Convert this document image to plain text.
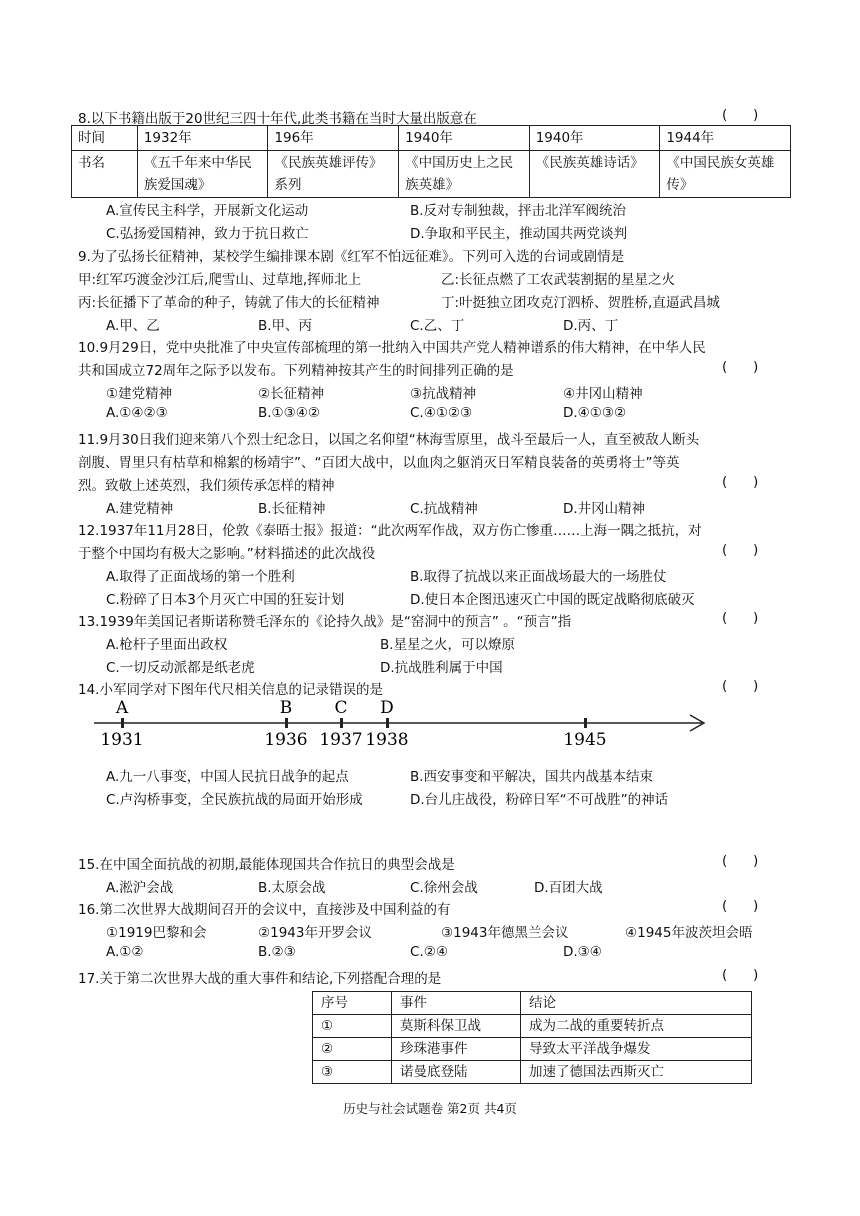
8.以下书籍出版于20世纪三四十年代,此类书籍在当时大量出版意在	(      )
时间	1932年	196年	1940年	1940年	1944年
书名	《五千年来中华民族爱国魂》	《民族英雄评传》系列	《中国历史上之民族英雄》	《民族英雄诗话》	《中国民族女英雄传》
A.宣传民主科学，开展新文化运动	B.反对专制独裁，抨击北洋军阀统治
C.弘扬爱国精神，致力于抗日救亡	D.争取和平民主，推动国共两党谈判
9.为了弘扬长征精神，某校学生编排课本剧《红军不怕远征难》。下列可入选的台词或剧情是
甲:红军巧渡金沙江后,爬雪山、过草地,挥师北上	乙:长征点燃了工农武装割据的星星之火
丙:长征播下了革命的种子，铸就了伟大的长征精神	丁:叶挺独立团攻克汀泗桥、贺胜桥,直逼武昌城
A.甲、乙	B.甲、丙	C.乙、丁	D.丙、丁
10.9月29日，党中央批准了中央宣传部梳理的第一批纳入中国共产党人精神谱系的伟大精神，在中华人民
共和国成立72周年之际予以发布。下列精神按其产生的时间排列正确的是	(      )
①建党精神	②长征精神	③抗战精神	④井冈山精神
A.①④②③	B.①③④②	C.④①②③	D.④①③②
11.9月30日我们迎来第八个烈士纪念日，以国之名仰望“林海雪原里，战斗至最后一人，直至被敌人断头
剖腹、胃里只有枯草和棉絮的杨靖宇”、“百团大战中，以血肉之躯消灭日军精良装备的英勇将士”等英
烈。致敬上述英烈，我们须传承怎样的精神	(      )
A.建党精神	B.长征精神	C.抗战精神	D.井冈山精神
12.1937年11月28日，伦敦《泰晤士报》报道：“此次两军作战，双方伤亡惨重……上海一隅之抵抗，对
于整个中国均有极大之影响。”材料描述的此次战役	(      )
A.取得了正面战场的第一个胜利	B.取得了抗战以来正面战场最大的一场胜仗
C.粉碎了日本3个月灭亡中国的狂妄计划	D.使日本企图迅速灭亡中国的既定战略彻底破灭
13.1939年美国记者斯诺称赞毛泽东的《论持久战》是“窑洞中的预言” 。“预言”指	(      )
A.枪杆子里面出政权	B.星星之火，可以燎原
C.一切反动派都是纸老虎	D.抗战胜利属于中国
14.小军同学对下图年代尺相关信息的记录错误的是	(      )
A
1931
B
1936
C
1937
D
1938	1945
A.九一八事变，中国人民抗日战争的起点	B.西安事变和平解决，国共内战基本结束
C.卢沟桥事变，全民族抗战的局面开始形成	D.台儿庄战役，粉碎日军“不可战胜”的神话
15.在中国全面抗战的初期,最能体现国共合作抗日的典型会战是	(      )
A.淞沪会战	B.太原会战	C.徐州会战	D.百团大战
16.第二次世界大战期间召开的会议中，直接涉及中国利益的有	(      )
①1919巴黎和会	②1943年开罗会议	③1943年德黑兰会议	④1945年波茨坦会晤
A.①②	B.②③	C.②④	D.③④
17.关于第二次世界大战的重大事件和结论,下列搭配合理的是	(      )
序号	事件	结论
①	莫斯科保卫战	成为二战的重要转折点
②	珍珠港事件	导致太平洋战争爆发
③	诺曼底登陆	加速了德国法西斯灭亡
历史与社会试题卷 第2页 共4页
